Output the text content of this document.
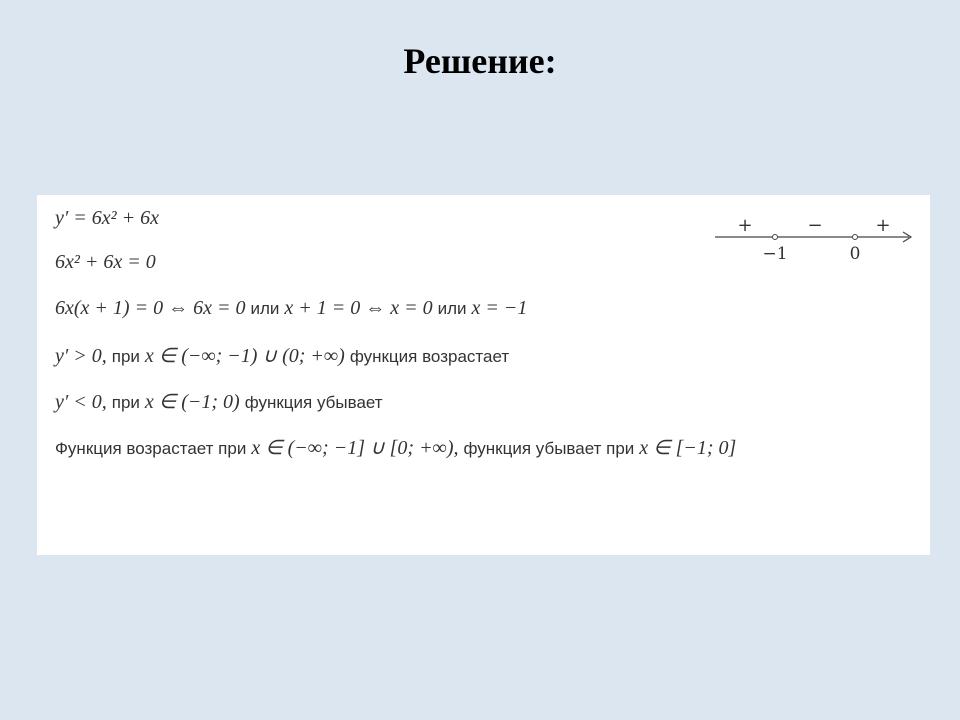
Решение:
y′ = 6x² + 6x
6x² + 6x = 0
6x(x + 1) = 0 ⇔ 6x = 0 или x + 1 = 0 ⇔ x = 0 или x = −1
y′ > 0, при x ∈ (−∞; −1) ∪ (0; +∞) функция возрастает
y′ < 0, при x ∈ (−1; 0) функция убывает
Функция возрастает при x ∈ (−∞; −1] ∪ [0; +∞), функция убывает при x ∈ [−1; 0]
+	−	+
−1	0
